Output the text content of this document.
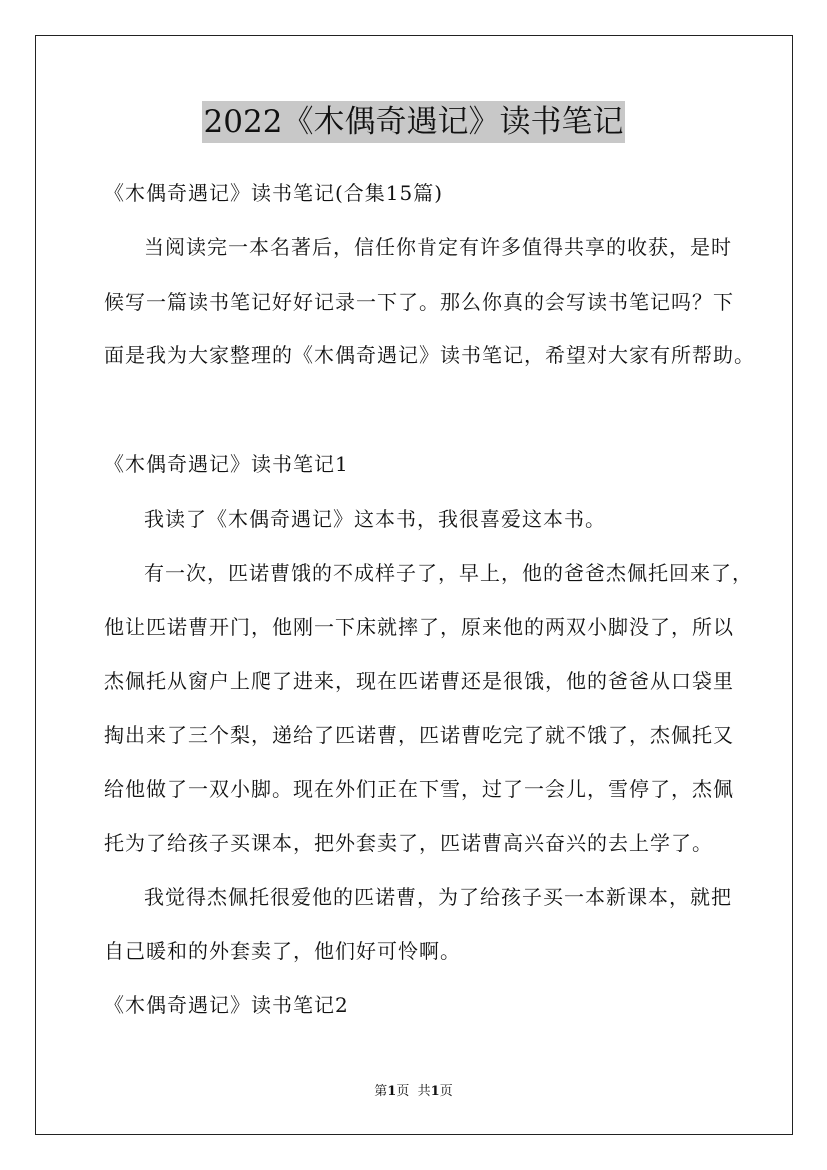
2022《木偶奇遇记》读书笔记
《木偶奇遇记》读书笔记(合集15篇)
当阅读完一本名著后，信任你肯定有许多值得共享的收获，是时
候写一篇读书笔记好好记录一下了。那么你真的会写读书笔记吗？下
面是我为大家整理的《木偶奇遇记》读书笔记，希望对大家有所帮助。
《木偶奇遇记》读书笔记1
我读了《木偶奇遇记》这本书，我很喜爱这本书。
有一次，匹诺曹饿的不成样子了，早上，他的爸爸杰佩托回来了，
他让匹诺曹开门，他刚一下床就摔了，原来他的两双小脚没了，所以
杰佩托从窗户上爬了进来，现在匹诺曹还是很饿，他的爸爸从口袋里
掏出来了三个梨，递给了匹诺曹，匹诺曹吃完了就不饿了，杰佩托又
给他做了一双小脚。现在外们正在下雪，过了一会儿，雪停了，杰佩
托为了给孩子买课本，把外套卖了，匹诺曹高兴奋兴的去上学了。
我觉得杰佩托很爱他的匹诺曹，为了给孩子买一本新课本，就把
自己暖和的外套卖了，他们好可怜啊。
《木偶奇遇记》读书笔记2
第1页 共1页
